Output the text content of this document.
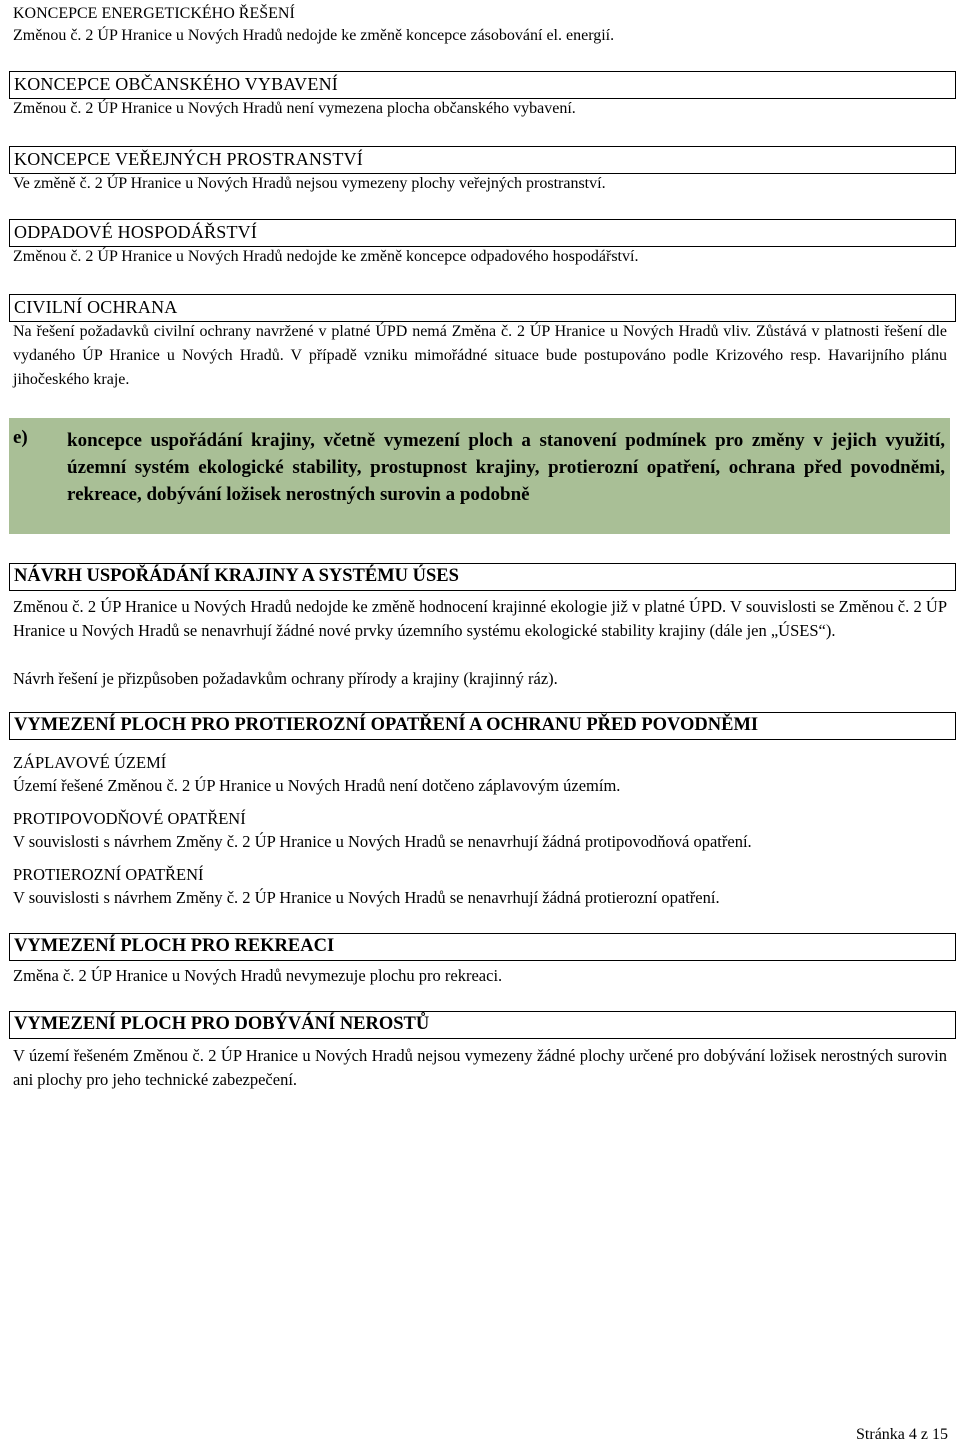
KONCEPCE ENERGETICKÉHO ŘEŠENÍ
Změnou č. 2 ÚP Hranice u Nových Hradů nedojde ke změně koncepce zásobování el. energií.
KONCEPCE OBČANSKÉHO VYBAVENÍ
Změnou č. 2 ÚP Hranice u Nových Hradů není vymezena plocha občanského vybavení.
KONCEPCE VEŘEJNÝCH PROSTRANSTVÍ
Ve změně č. 2 ÚP Hranice u Nových Hradů nejsou vymezeny plochy veřejných prostranství.
ODPADOVÉ HOSPODÁŘSTVÍ
Změnou č. 2 ÚP Hranice u Nových Hradů nedojde ke změně koncepce odpadového hospodářství.
CIVILNÍ OCHRANA
Na řešení požadavků civilní ochrany navržené v platné ÚPD nemá Změna č. 2 ÚP Hranice u Nových Hradů vliv. Zůstává v platnosti řešení dle vydaného ÚP Hranice u Nových Hradů. V případě vzniku mimořádné situace bude postupováno podle Krizového resp. Havarijního plánu jihočeského kraje.
e) koncepce uspořádání krajiny, včetně vymezení ploch a stanovení podmínek pro změny v jejich využití, územní systém ekologické stability, prostupnost krajiny, protierozní opatření, ochrana před povodněmi, rekreace, dobývání ložisek nerostných surovin a podobně
NÁVRH USPOŘÁDÁNÍ KRAJINY A SYSTÉMU ÚSES
Změnou č. 2 ÚP Hranice u Nových Hradů nedojde ke změně hodnocení krajinné ekologie již v platné ÚPD. V souvislosti se Změnou č. 2 ÚP Hranice u Nových Hradů se nenavrhují žádné nové prvky územního systému ekologické stability krajiny (dále jen „ÚSES“).
Návrh řešení je přizpůsoben požadavkům ochrany přírody a krajiny (krajinný ráz).
VYMEZENÍ PLOCH PRO PROTIEROZNÍ OPATŘENÍ A OCHRANU PŘED POVODNĚMI
ZÁPLAVOVÉ ÚZEMÍ
Území řešené Změnou č. 2 ÚP Hranice u Nových Hradů není dotčeno záplavovým územím.
PROTIPOVODŇOVÉ OPATŘENÍ
V souvislosti s návrhem Změny č. 2 ÚP Hranice u Nových Hradů se nenavrhují žádná protipovodňová opatření.
PROTIEROZNÍ OPATŘENÍ
V souvislosti s návrhem Změny č. 2 ÚP Hranice u Nových Hradů se nenavrhují žádná protierozní opatření.
VYMEZENÍ PLOCH PRO REKREACI
Změna č. 2 ÚP Hranice u Nových Hradů nevymezuje plochu pro rekreaci.
VYMEZENÍ PLOCH PRO DOBÝVÁNÍ NEROSTŮ
V území řešeném Změnou č. 2 ÚP Hranice u Nových Hradů nejsou vymezeny žádné plochy určené pro dobývání ložisek nerostných surovin ani plochy pro jeho technické zabezpečení.
Stránka 4 z 15
